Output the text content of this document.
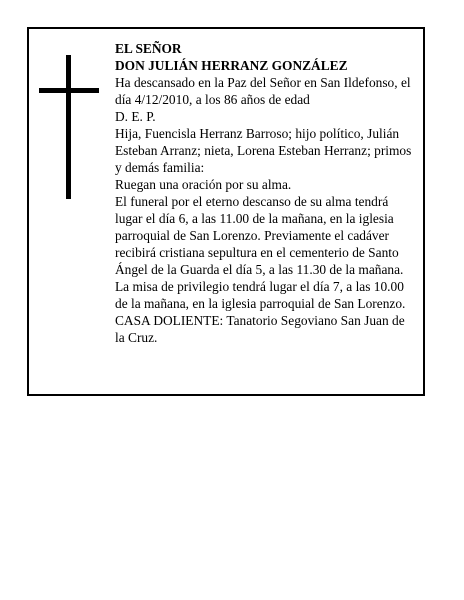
EL SEÑOR

DON JULIÁN HERRANZ GONZÁLEZ

Ha descansado en la Paz del Señor en San Ildefonso, el día 4/12/2010, a los 86 años de edad

D. E. P.

Hija, Fuencisla Herranz Barroso; hijo político, Julián Esteban Arranz; nieta, Lorena Esteban Herranz; primos y demás familia:

Ruegan una oración por su alma.

El funeral por el eterno descanso de su alma tendrá lugar el día 6, a las 11.00 de la mañana, en la iglesia parroquial de San Lorenzo. Previamente el cadáver recibirá cristiana sepultura en el cementerio de Santo Ángel de la Guarda el día 5, a las 11.30 de la mañana.

La misa de privilegio tendrá lugar el día 7, a las 10.00 de la mañana, en la iglesia parroquial de San Lorenzo.

CASA DOLIENTE: Tanatorio Segoviano San Juan de la Cruz.
